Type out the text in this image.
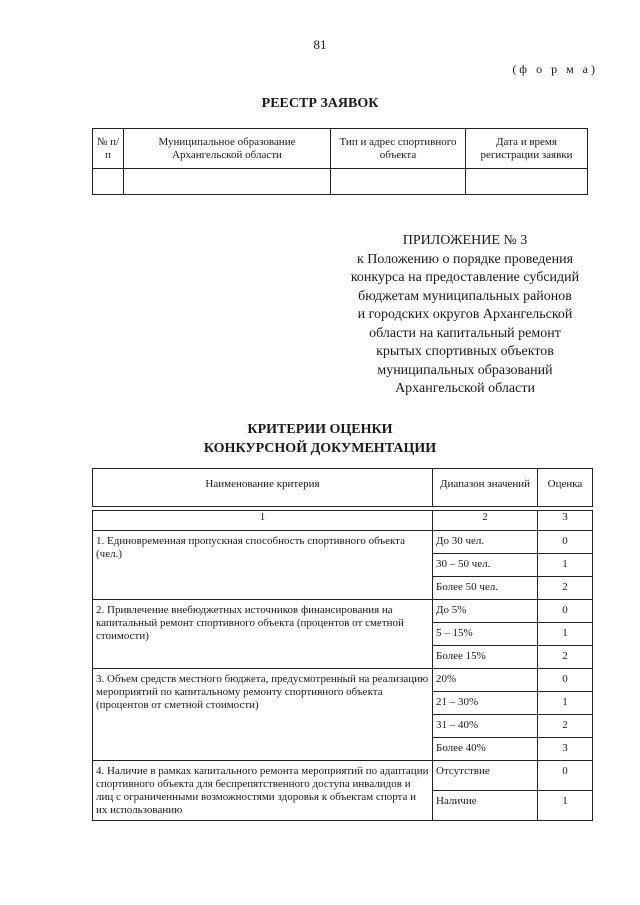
81
(ф о р м а)
РЕЕСТР ЗАЯВОК
№ п/п	Муниципальное образование Архангельской области	Тип и адрес спортивного объекта	Дата и время регистрации заявки

ПРИЛОЖЕНИЕ № 3
к Положению о порядке проведения
конкурса на предоставление субсидий
бюджетам муниципальных районов
и городских округов Архангельской
области на капитальный ремонт
крытых спортивных объектов
муниципальных образований
Архангельской области
КРИТЕРИИ ОЦЕНКИ
КОНКУРСНОЙ ДОКУМЕНТАЦИИ
Наименование критерия	Диапазон значений	Оценка

1	2	3
1. Единовременная пропускная способность спортивного объекта (чел.)	До 30 чел.	0
	30 – 50 чел.	1
	Более 50 чел.	2
2. Привлечение внебюджетных источников финансирования на капитальный ремонт спортивного объекта (процентов от сметной стоимости)	До 5%	0
	5 – 15%	1
	Более 15%	2
3. Объем средств местного бюджета, предусмотренный на реализацию мероприятий по капитальному ремонту спортивного объекта (процентов от сметной стоимости)	20%	0
	21 – 30%	1
	31 – 40%	2
	Более 40%	3
4. Наличие в рамках капитального ремонта мероприятий по адаптации спортивного объекта для беспрепятственного доступа инвалидов и лиц с ограниченными возможностями здоровья к объектам спорта и их использованию	Отсутствие	0
	Наличие	1
